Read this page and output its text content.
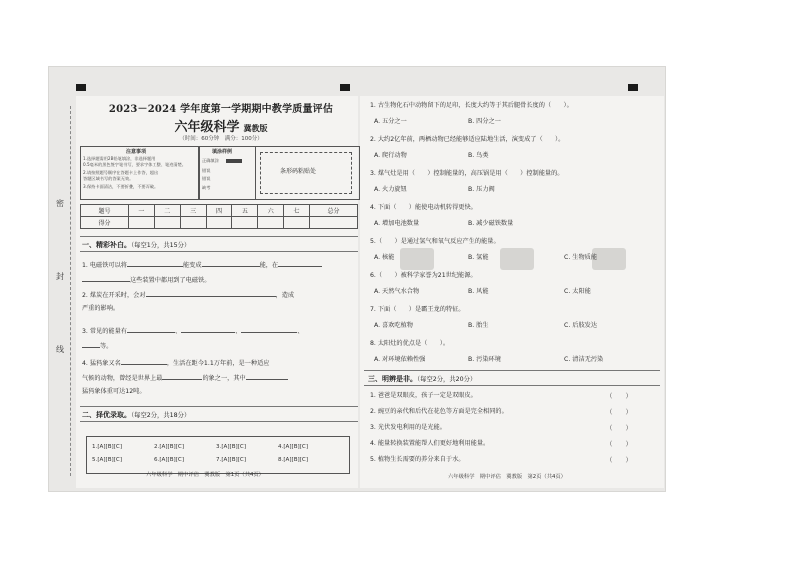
密
封
线
2023－2024 学年度第一学期期中教学质量评估
六年级科学 冀教版
（时间：60分钟　满分：100分）
注意事项
1.选择题需用2B铅笔填涂，非选择题用
0.5毫米的黑色签字笔书写，要求字体工整、笔迹清楚。
2.请按照题号顺序在答题卡上作答，超出
答题区域书写的答案无效。
3.保持卡面清洁，不要折叠，不要弄破。
填涂样例
正确填涂
错误
错误
缺考
条形码粘贴处
题号	一	二	三	四	五	六	七	总分
得分								
一、精彩补白。（每空1分，共15分）
1. 电磁铁可以将	能变成	能，在
这些装置中都用到了电磁铁。
2. 煤炭在开采时，会对	，造成
严重的影响。
3. 常见的能量有	、	、	、
等。
4. 猛犸象又名	，生活在距今1.1万年前，是一种适应
气候的动物，曾经是世界上最	的象之一，其中
猛犸象体重可达12吨。
二、择优录取。（每空2分，共18分）
1.[A][B][C]	2.[A][B][C]	3.[A][B][C]	4.[A][B][C]
5.[A][B][C]	6.[A][B][C]	7.[A][B][C]	8.[A][B][C]
六年级科学　期中评估　冀教版　第1页（共4页）
1. 古生物化石中动物留下的足印，长度大约等于其后腿骨长度的（　　）。
A. 五分之一	B. 四分之一
2. 大约2亿年前，两栖动物已经能够适应陆地生活，演变成了（　　）。
A. 爬行动物	B. 鸟类
3. 煤气灶是用（　　）控制能量的，高压锅是用（　　）控制能量的。
A. 火力旋钮	B. 压力阀
4. 下面（　　）能使电动机转得更快。
A. 增加电池数量	B. 减少磁铁数量
5.（　　）是通过氢气和氧气反应产生的能量。
A. 核能	B. 氢能	C. 生物质能
6.（　　）被科学家誉为21世纪能源。
A. 天然气水合物	B. 风能	C. 太阳能
7. 下面（　　）是霸王龙的特征。
A. 喜欢吃植物	B. 胎生	C. 后肢发达
8. 太阳灶的优点是（　　）。
A. 对环境依赖性强	B. 污染环境	C. 清洁无污染
三、明辨是非。（每空2分，共20分）
1. 爸爸是双眼皮，孩子一定是双眼皮。	（　　）
2. 豌豆的亲代和后代在花色等方面是完全相同的。	（　　）
3. 光伏发电利用的是光能。	（　　）
4. 能量转换装置能帮人们更好地利用能量。	（　　）
5. 植物生长需要的养分来自于水。	（　　）
六年级科学　期中评估　冀教版　第2页（共4页）
